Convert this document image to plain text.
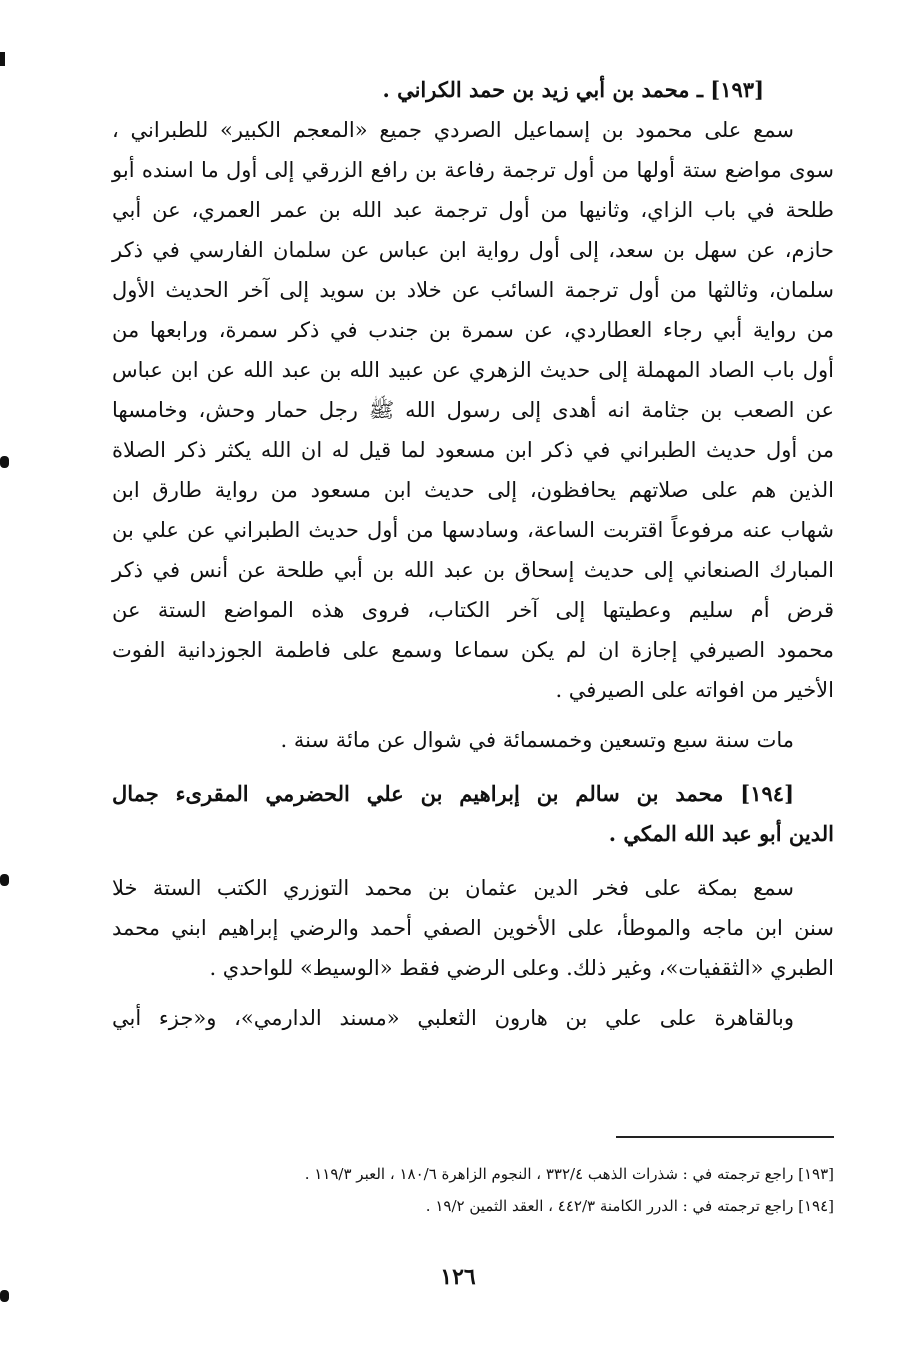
[١٩٣] ـ محمد بن أبي زيد بن حمد الكراني .
سمع على محمود بن إسماعيل الصردي جميع «المعجم الكبير» للطبراني ،
سوى مواضع ستة أولها من أول ترجمة رفاعة بن رافع الزرقي إلى أول ما اسنده أبو
طلحة في باب الزاي، وثانيها من أول ترجمة عبد الله بن عمر العمري، عن أبي
حازم، عن سهل بن سعد، إلى أول رواية ابن عباس عن سلمان الفارسي في ذكر
سلمان، وثالثها من أول ترجمة السائب عن خلاد بن سويد إلى آخر الحديث الأول
من رواية أبي رجاء العطاردي، عن سمرة بن جندب في ذكر سمرة، ورابعها من
أول باب الصاد المهملة إلى حديث الزهري عن عبيد الله بن عبد الله عن ابن عباس
عن الصعب بن جثامة انه أهدى إلى رسول الله ﷺ رجل حمار وحش، وخامسها
من أول حديث الطبراني في ذكر ابن مسعود لما قيل له ان الله يكثر ذكر الصلاة
الذين هم على صلاتهم يحافظون، إلى حديث ابن مسعود من رواية طارق ابن
شهاب عنه مرفوعاً اقتربت الساعة، وسادسها من أول حديث الطبراني عن علي بن
المبارك الصنعاني إلى حديث إسحاق بن عبد الله بن أبي طلحة عن أنس في ذكر
قرض أم سليم وعطيتها إلى آخر الكتاب، فروى هذه المواضع الستة عن
محمود الصيرفي إجازة ان لم يكن سماعا وسمع على فاطمة الجوزدانية الفوت
الأخير من افواته على الصيرفي .
مات سنة سبع وتسعين وخمسمائة في شوال عن مائة سنة .
[١٩٤] محمد بن سالم بن إبراهيم بن علي الحضرمي المقرىء جمال
الدين أبو عبد الله المكي .
سمع بمكة على فخر الدين عثمان بن محمد التوزري الكتب الستة خلا
سنن ابن ماجه والموطأ، على الأخوين الصفي أحمد والرضي إبراهيم ابني محمد
الطبري «الثقفيات»، وغير ذلك. وعلى الرضي فقط «الوسيط» للواحدي .
وبالقاهرة على علي بن هارون الثعلبي «مسند الدارمي»، و«جزء أبي
[١٩٣] راجع ترجمته في : شذرات الذهب ٣٣٢/٤ ، النجوم الزاهرة ١٨٠/٦ ، العبر ١١٩/٣ .
[١٩٤] راجع ترجمته في : الدرر الكامنة ٤٤٢/٣ ، العقد الثمين ١٩/٢ .
١٢٦
